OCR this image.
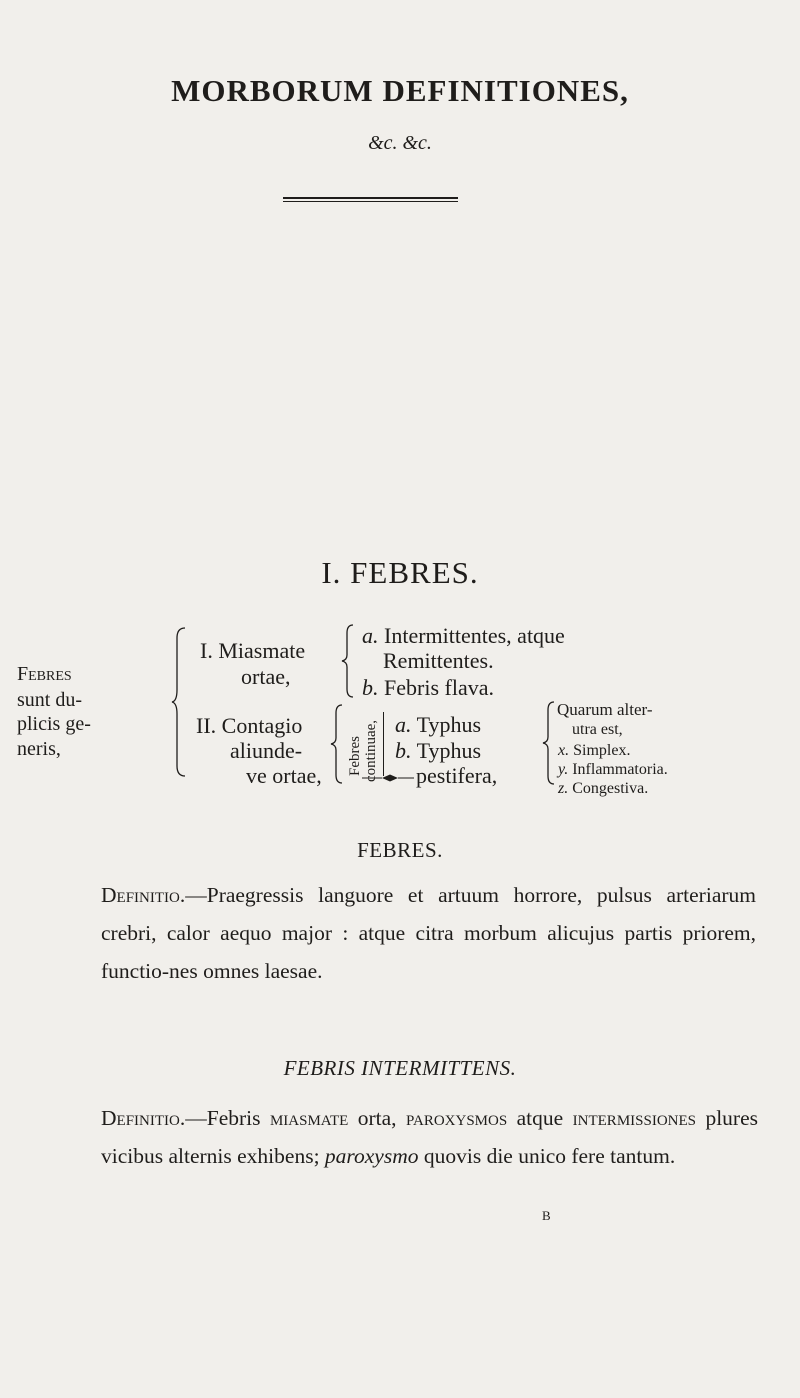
MORBORUM DEFINITIONES,
&c. &c.
I. FEBRES.
Febres
sunt du-
plicis ge-
neris,
I. Miasmate
ortae,
a. Intermittentes, atque
Remittentes.
b. Febris flava.
II. Contagio
aliunde-
ve ortae, Febres continuae, a. Typhus
b. Typhus
pestifera,
Quarum alter-
utra est,
x. Simplex.
y. Inflammatoria.
z. Congestiva.
FEBRES.
Definitio.—Praegressis languore et artuum horrore, pulsus arteriarum crebri, calor aequo major : atque citra morbum alicujus partis priorem, functio-nes omnes laesae.
FEBRIS INTERMITTENS.
Definitio.—Febris miasmate orta, paroxysmos atque intermissiones plures vicibus alternis exhibens; paroxysmo quovis die unico fere tantum.
B
